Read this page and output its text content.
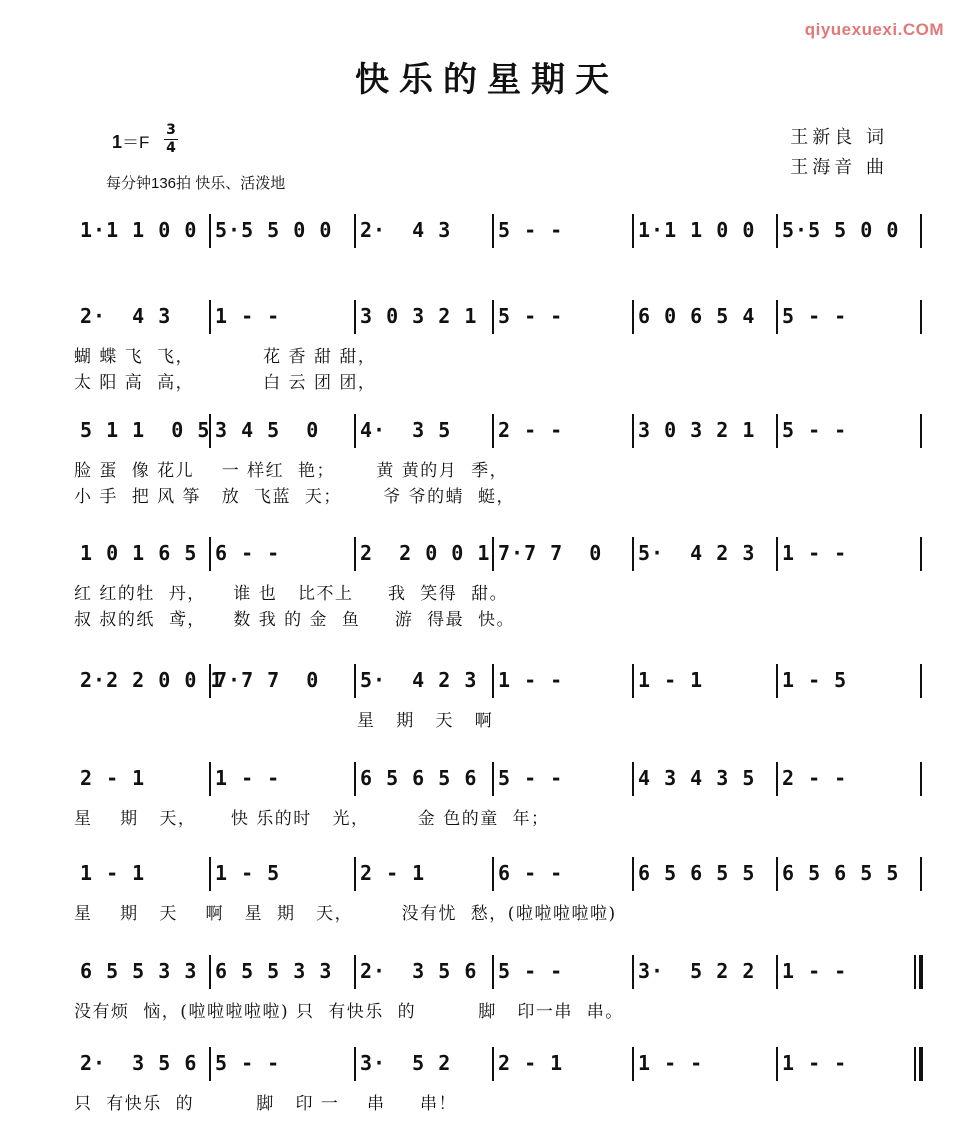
qiyuexuexi.COM
快乐的星期天
$1=F \frac{3}{4}$
每分钟136拍 快乐、活泼地
王新良 词
王海音 曲
1·1 1 0 0 5·5 5 0 0 2·  4 3 5 - -	1·1 1 0 0 5·5 5 0 0
2·  4 3 1 - -	3 0 3 2 1 5 - -	6 0 6 5 4 5 - -
蝴 蝶 飞  飞，          花 香 甜 甜，
太 阳 高  高，          白 云 团 团，
5 1 1  0 5 3 4 5  0 4·  3 5 2 - -	3 0 3 2 1 5 - -
脸 蛋  像 花儿    一 样红  艳；      黄 黄的月  季，
小 手  把 风 筝   放  飞蓝  天；      爷 爷的蜻  蜓，
1 0 1 6 5 6 - -	2  2 0 0 1 7·7 7  0 5·  4 2 3 1 - -
红 红的牡  丹，    谁 也   比不上     我  笑得  甜。
叔 叔的纸  鸢，    数 我 的 金  鱼     游  得最  快。
2·2 2 0 0 1
7·7 7  0 5·  4 2 3 1 - -	1 - 1	1 - 5
星   期   天   啊
2 - 1	1 - -	6 5 6 5 6 5 - -	4 3 4 3 5 2 - -
星    期   天，     快 乐的时   光，       金 色的童  年；
1 - 1	1 - 5	2 - 1	6 - -	6 5 6 5 5 6 5 6 5 5
星    期   天    啊   星  期   天，       没有忧  愁，(啦啦啦啦啦)
6 5 5 3 3 6 5 5 3 3 2·  3 5 6 5 - -	3·  5 2 2 1 - -
没有烦  恼，(啦啦啦啦啦) 只  有快乐  的         脚   印一串  串。
2·  3 5 6 5 - -	3·  5 2 2 - 1	1 - -	1 - -
只  有快乐  的         脚   印 一    串     串！
